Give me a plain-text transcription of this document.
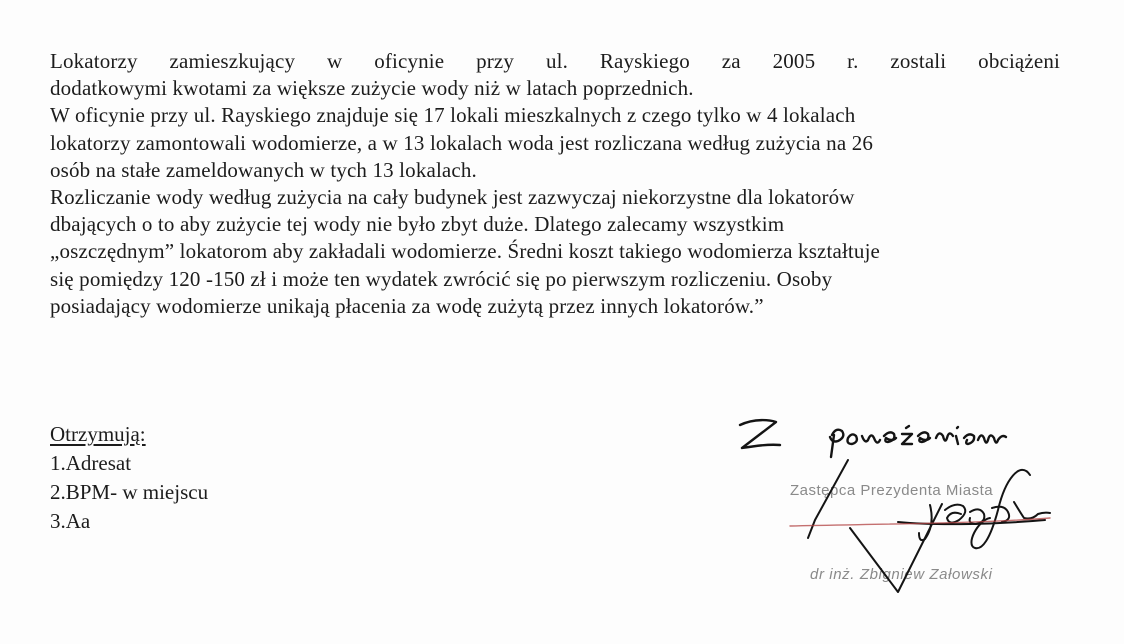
Lokatorzy zamieszkujący w oficynie przy ul. Rayskiego za 2005 r. zostali obciążeni
dodatkowymi kwotami za większe zużycie wody niż w latach poprzednich.
W oficynie przy ul. Rayskiego znajduje się 17 lokali mieszkalnych z czego tylko w 4 lokalach
lokatorzy zamontowali wodomierze, a w 13 lokalach woda jest rozliczana według zużycia na 26
osób na stałe zameldowanych w tych 13 lokalach.
Rozliczanie wody według zużycia na cały budynek jest zazwyczaj niekorzystne dla lokatorów
dbających o to aby zużycie tej wody nie było zbyt duże. Dlatego zalecamy wszystkim
„oszczędnym” lokatorom aby zakładali wodomierze. Średni koszt takiego wodomierza kształtuje
się pomiędzy 120 -150 zł i może ten wydatek zwrócić się po pierwszym rozliczeniu. Osoby
posiadający wodomierze unikają płacenia za wodę zużytą przez innych lokatorów.”
Otrzymują:
1.Adresat
2.BPM- w miejscu
3.Aa
Zastępca Prezydenta Miasta
dr inż. Zbigniew Załowski
